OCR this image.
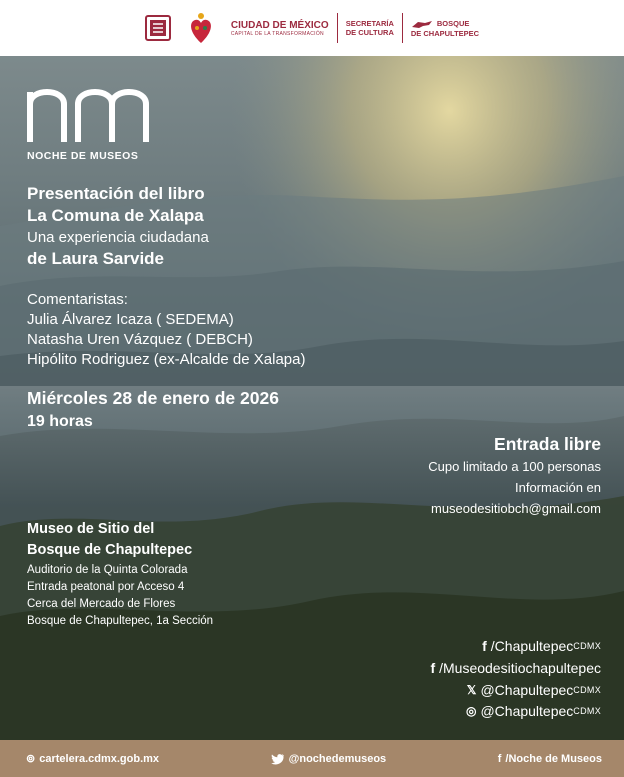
CIUDAD DE MÉXICO
CAPITAL DE LA TRANSFORMACIÓN
SECRETARÍA
DE CULTURA
BOSQUE
DE CHAPULTEPEC
NOCHE DE MUSEOS
Presentación del libro
La Comuna de Xalapa
Una experiencia ciudadana
de Laura Sarvide
Comentaristas:
Julia Álvarez Icaza ( SEDEMA)
Natasha Uren Vázquez ( DEBCH)
Hipólito Rodriguez (ex-Alcalde de Xalapa)
Miércoles 28 de enero de 2026
19 horas
Entrada libre
Cupo limitado a 100 personas
Información en
museodesitiobch@gmail.com
Museo de Sitio del
Bosque de Chapultepec
Auditorio de la Quinta Colorada
Entrada peatonal por Acceso 4
Cerca del Mercado de Flores
Bosque de Chapultepec, 1a Sección
f /Chapultepec CDMX
f /Museodesitiochapultepec
𝕏 @Chapultepec CDMX
◎ @Chapultepec CDMX
⊚ cartelera.cdmx.gob.mx	@nochedemuseos	f /Noche de Museos
